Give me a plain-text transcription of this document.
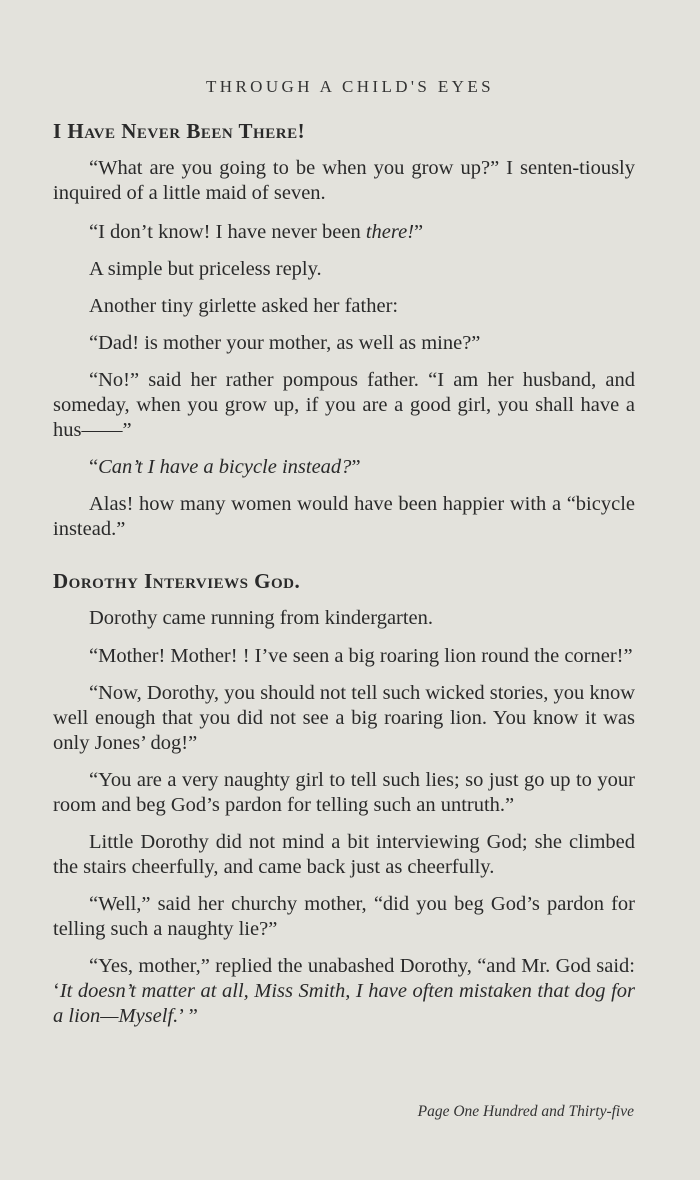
THROUGH A CHILD'S EYES
I Have Never Been There!

“What are you going to be when you grow up?” I senten-tiously inquired of a little maid of seven.

“I don’t know! I have never been there!”

A simple but priceless reply.

Another tiny girlette asked her father:

“Dad! is mother your mother, as well as mine?”

“No!” said her rather pompous father. “I am her husband, and someday, when you grow up, if you are a good girl, you shall have a hus——”

“Can’t I have a bicycle instead?”

Alas! how many women would have been happier with a “bicycle instead.”

Dorothy Interviews God.

Dorothy came running from kindergarten.

“Mother! Mother! ! I’ve seen a big roaring lion round the corner!”

“Now, Dorothy, you should not tell such wicked stories, you know well enough that you did not see a big roaring lion. You know it was only Jones’ dog!”

“You are a very naughty girl to tell such lies; so just go up to your room and beg God’s pardon for telling such an untruth.”

Little Dorothy did not mind a bit interviewing God; she climbed the stairs cheerfully, and came back just as cheerfully.

“Well,” said her churchy mother, “did you beg God’s pardon for telling such a naughty lie?”

“Yes, mother,” replied the unabashed Dorothy, “and Mr. God said: ‘It doesn’t matter at all, Miss Smith, I have often mistaken that dog for a lion—Myself.’ ”

Page One Hundred and Thirty-five
